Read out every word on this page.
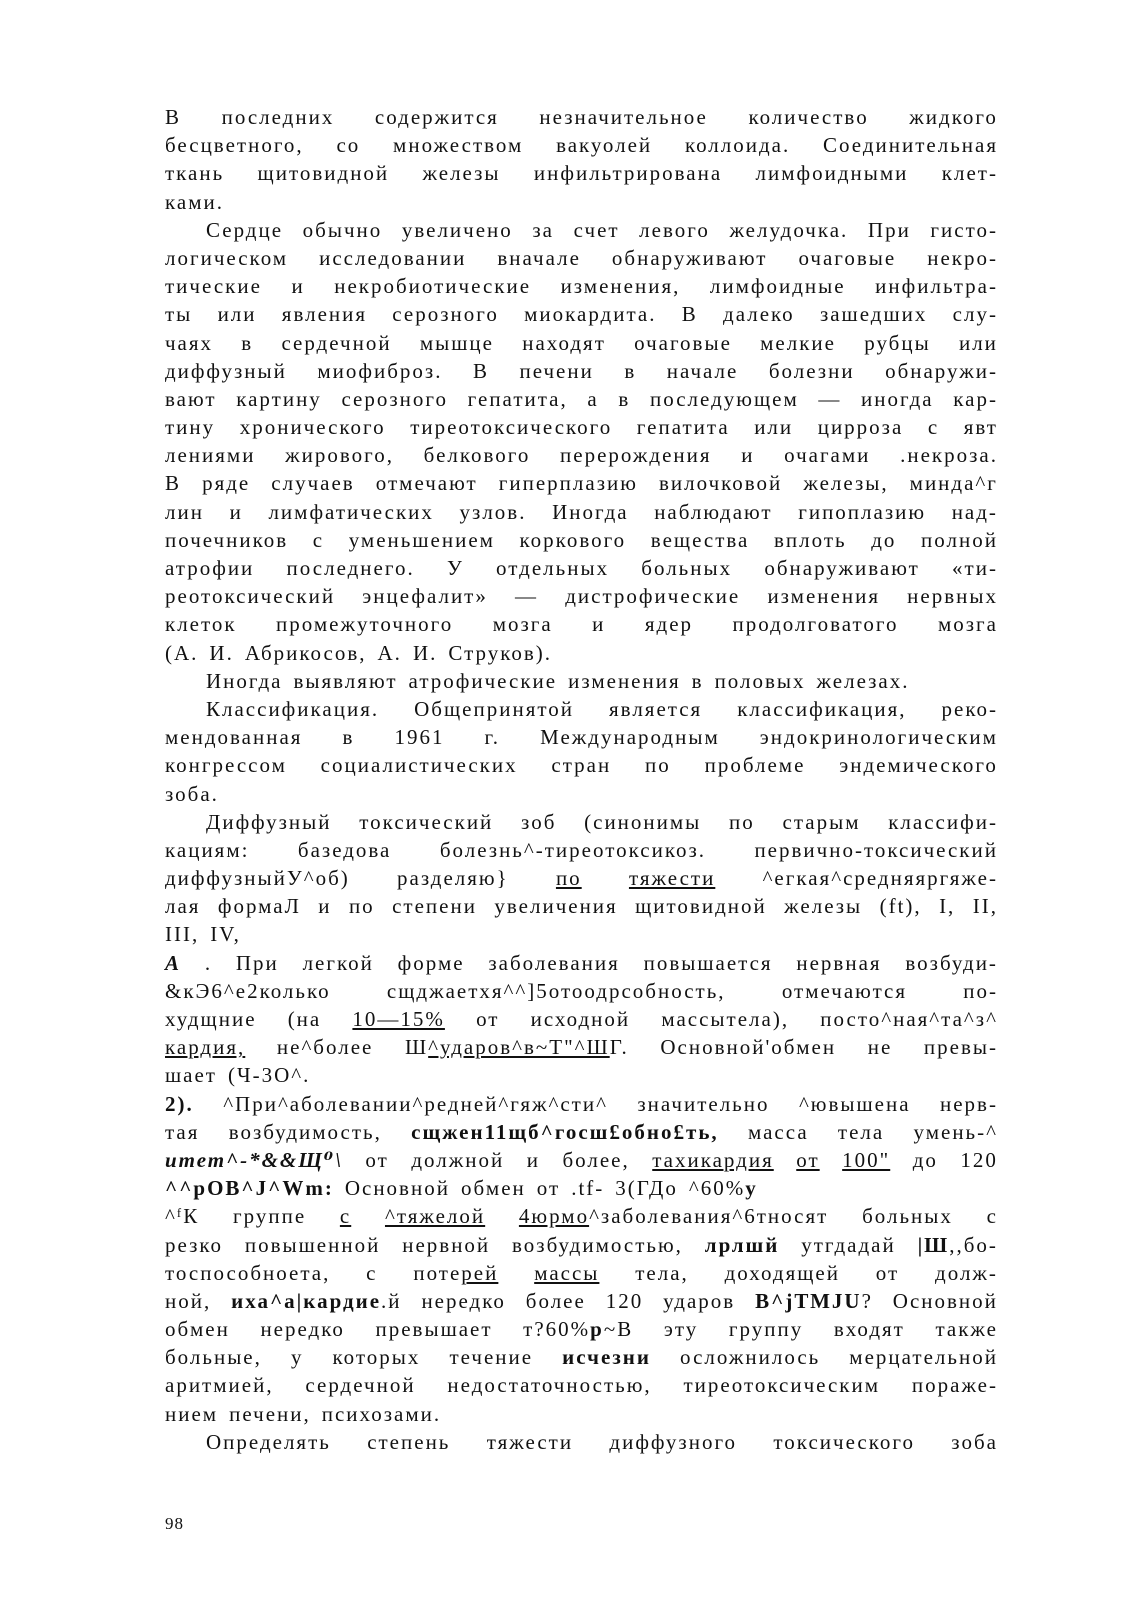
В последних содержится незначительное количество жидкого
бесцветного, со множеством вакуолей коллоида. Соединительная
ткань щитовидной железы инфильтрирована лимфоидными клет-
ками.
Сердце обычно увеличено за счет левого желудочка. При гисто-
логическом исследовании вначале обнаруживают очаговые некро-
тические и некробиотические изменения, лимфоидные инфильтра-
ты или явления серозного миокардита. В далеко зашедших слу-
чаях в сердечной мышце находят очаговые мелкие рубцы или
диффузный миофиброз. В печени в начале болезни обнаружи-
вают картину серозного гепатита, а в последующем — иногда кар-
тину хронического тиреотоксического гепатита или цирроза с явт
лениями жирового, белкового перерождения и очагами .некроза.
В ряде случаев отмечают гиперплазию вилочковой железы, минда^г
лин и лимфатических узлов. Иногда наблюдают гипоплазию над-
почечников с уменьшением коркового вещества вплоть до полной
атрофии последнего. У отдельных больных обнаруживают «ти-
реотоксический энцефалит» — дистрофические изменения нервных
клеток промежуточного мозга и ядер продолговатого мозга
(А. И. Абрикосов, А. И. Струков).
Иногда выявляют атрофические изменения в половых железах.
Классификация. Общепринятой является классификация, реко-
мендованная в 1961 г. Международным эндокринологическим
конгрессом социалистических стран по проблеме эндемического
зоба.
Диффузный токсический зоб (синонимы по старым классифи-
кациям: базедова болезнь^-тиреотоксикоз. первично-токсический
диффузныйУ^об) разделяю} по тяжести ^егкая^средняяргяже-
лая формаЛ и по степени увеличения щитовидной железы (ft), I, II,
III, IV,
А . При легкой форме заболевания повышается нервная возбуди-
&кЭ6^е2колько	сщджаетхя^^]5отоодрсобность,	отмечаются	по-
худщние (на 10—15% от исходной массытела), посто^ная^та^з^
кардия, не^более Ш^ударов^в~Т"^ШГ. Основной'обмен не превы-
шает (Ч-3О^.
2). ^При^аболевании^редней^гяж^сти^ значительно ^ювышена нерв-
тая возбудимость, сщжен11щб^госш£обно£ть, масса тела умень-^
итет^-*&&Щ⁰\ от должной и более, тахикардия от 100" до 120
^^рОВ^J^Wm: Основной обмен от .tf- 3(ГДо ^60%у
^ᶠК группе с ^тяжелой 4юрмо^заболевания^6тносят больных с
резко повышенной нервной возбудимостью, лрлшй утгдадай |Ш,,бо-
тоспособноета, с потерей массы тела, доходящей от долж-
ной, иха^а|кардие.й нередко более 120 ударов В^jТМJU? Основной
обмен нередко превышает т?60%р~В эту группу входят также
больные, у которых течение исчезни осложнилось мерцательной
аритмией, сердечной недостаточностью, тиреотоксическим пораже-
нием печени, психозами.
Определять степень тяжести диффузного токсического зоба
98
